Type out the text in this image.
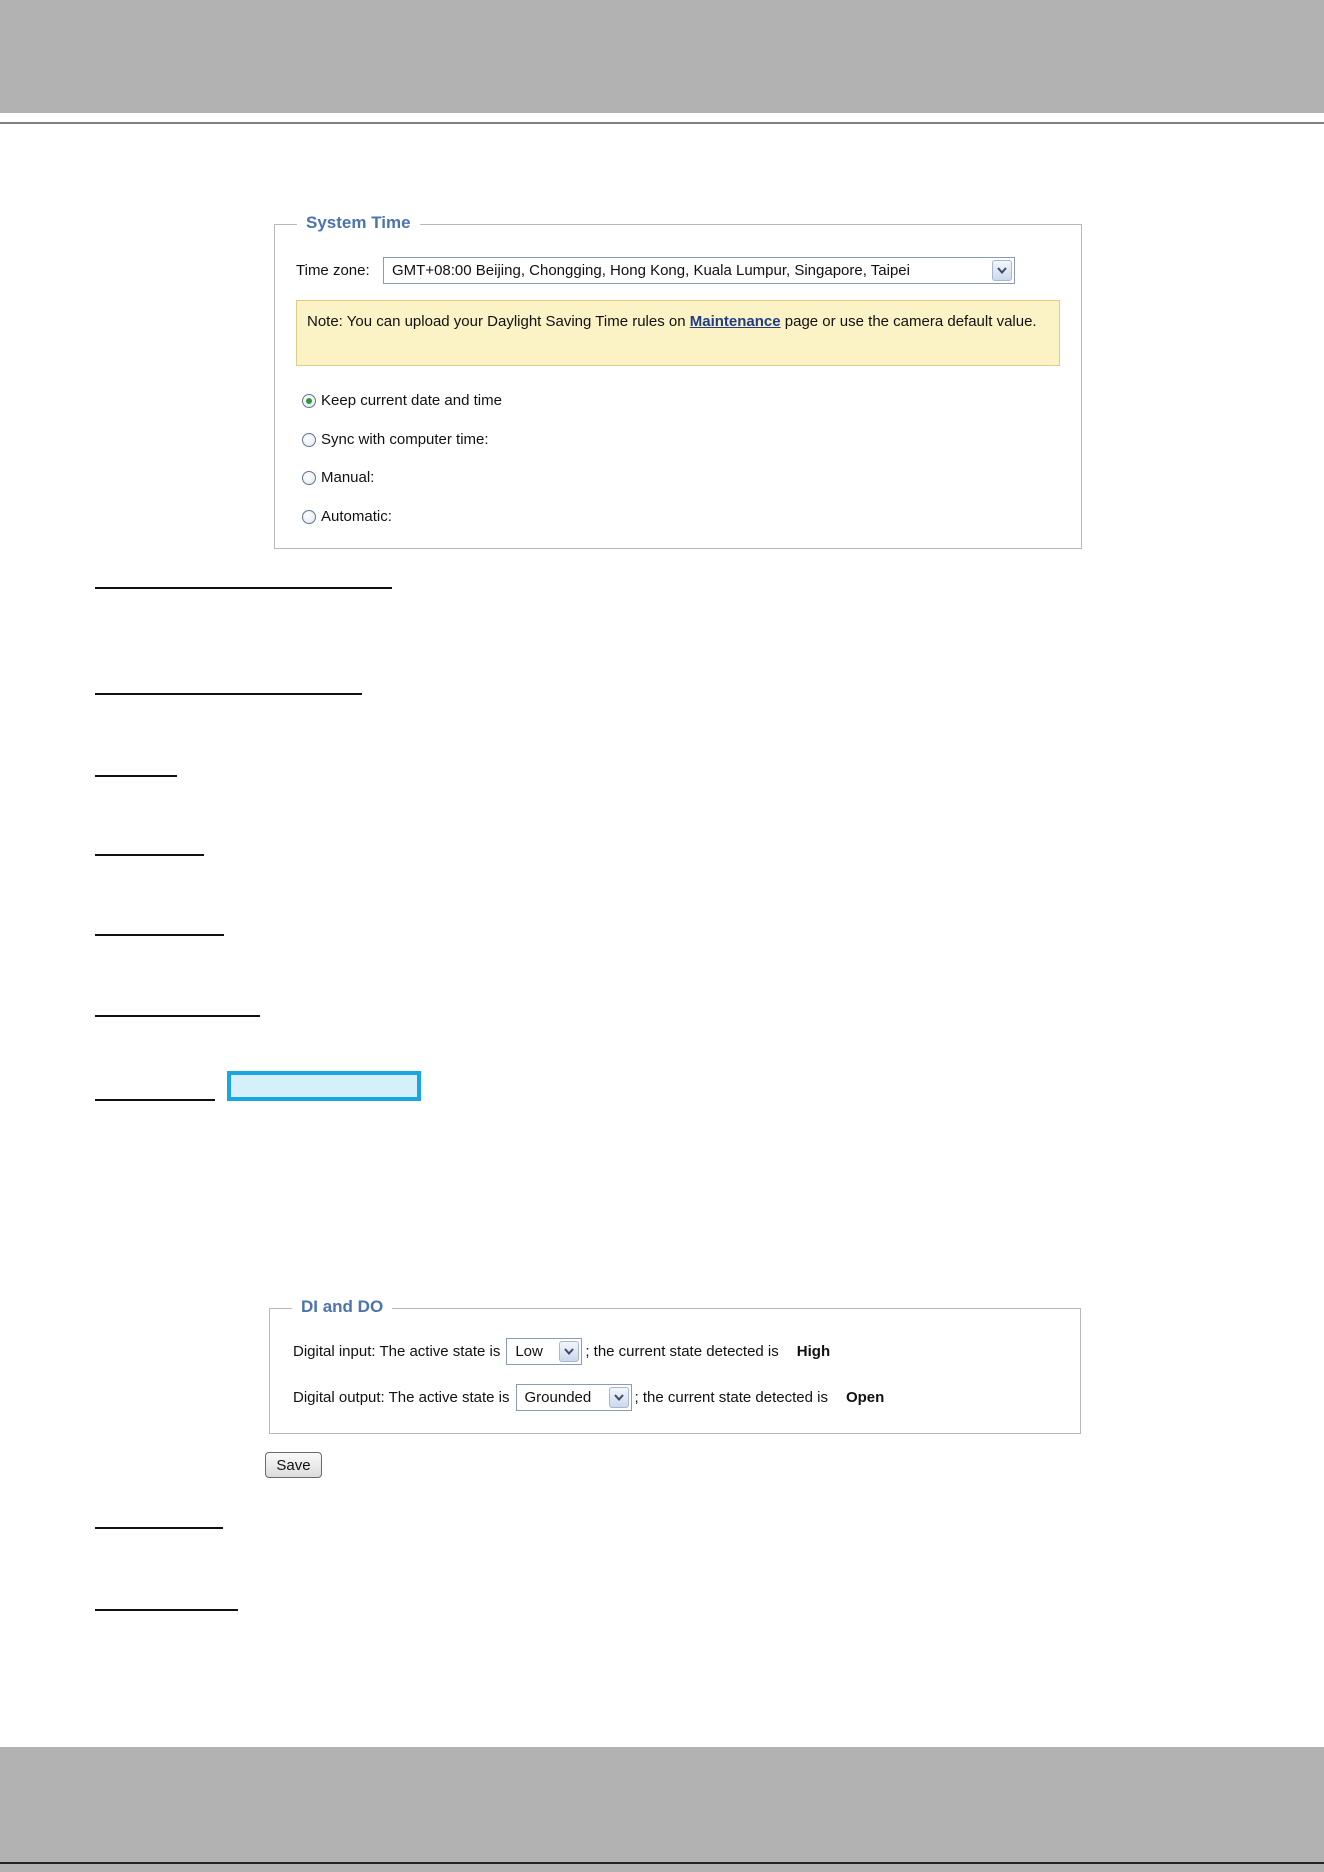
System Time
Time zone:	GMT+08:00 Beijing, Chongging, Hong Kong, Kuala Lumpur, Singapore, Taipei
Note: You can upload your Daylight Saving Time rules on Maintenance page or use the camera default value.
Keep current date and time
Sync with computer time:
Manual:
Automatic:
DI and DO
Digital input: The active state is	Low	; the current state detected is High
Digital output: The active state is	Grounded	; the current state detected is Open
Save
